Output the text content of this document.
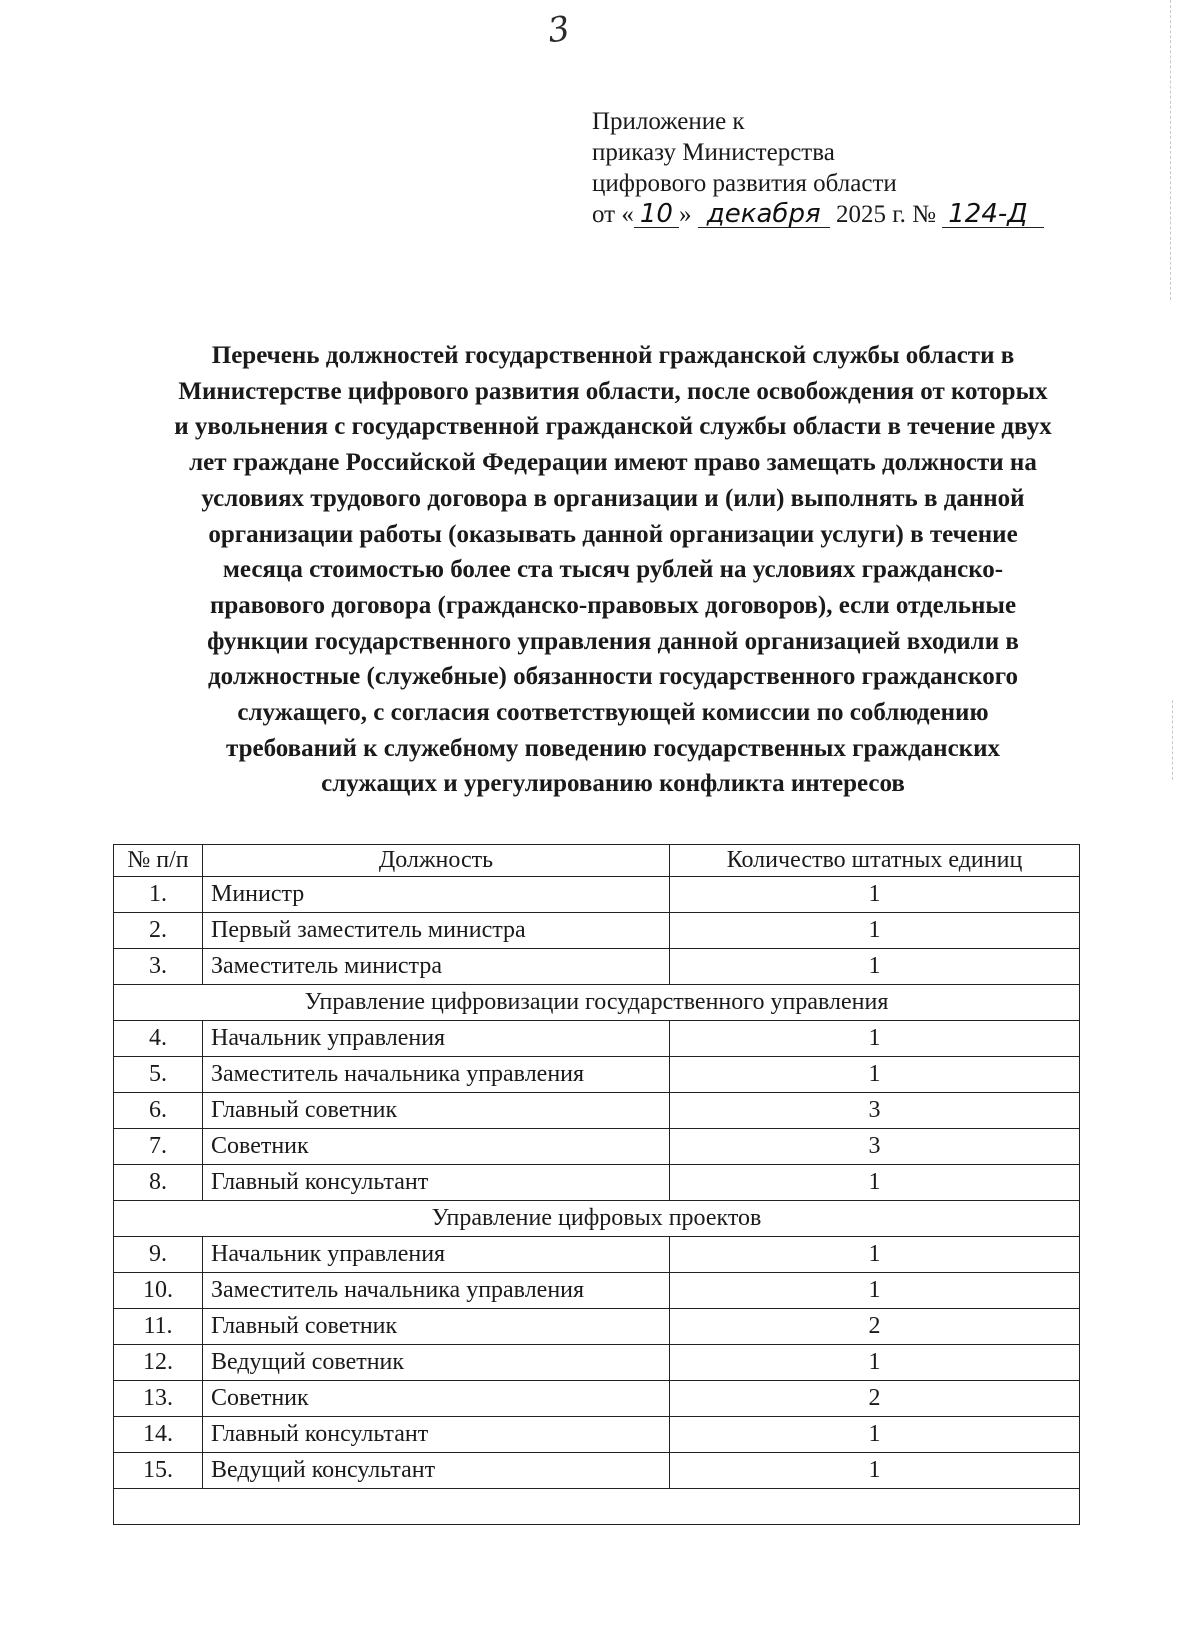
3
Приложение к
приказу Министерства
цифрового развития области
от « 10 » декабря 2025 г. № 124-Д
Перечень должностей государственной гражданской службы области в
Министерстве цифрового развития области, после освобождения от которых
и увольнения с государственной гражданской службы области в течение двух
лет граждане Российской Федерации имеют право замещать должности на
условиях трудового договора в организации и (или) выполнять в данной
организации работы (оказывать данной организации услуги) в течение
месяца стоимостью более ста тысяч рублей на условиях гражданско-
правового договора (гражданско-правовых договоров), если отдельные
функции государственного управления данной организацией входили в
должностные (служебные) обязанности государственного гражданского
служащего, с согласия соответствующей комиссии по соблюдению
требований к служебному поведению государственных гражданских
служащих и урегулированию конфликта интересов
№ п/п	Должность	Количество штатных единиц
1.	Министр	1
2.	Первый заместитель министра	1
3.	Заместитель министра	1
Управление цифровизации государственного управления		
4.	Начальник управления	1
5.	Заместитель начальника управления	1
6.	Главный советник	3
7.	Советник	3
8.	Главный консультант	1
Управление цифровых проектов		
9.	Начальник управления	1
10.	Заместитель начальника управления	1
11.	Главный советник	2
12.	Ведущий советник	1
13.	Советник	2
14.	Главный консультант	1
15.	Ведущий консультант	1
